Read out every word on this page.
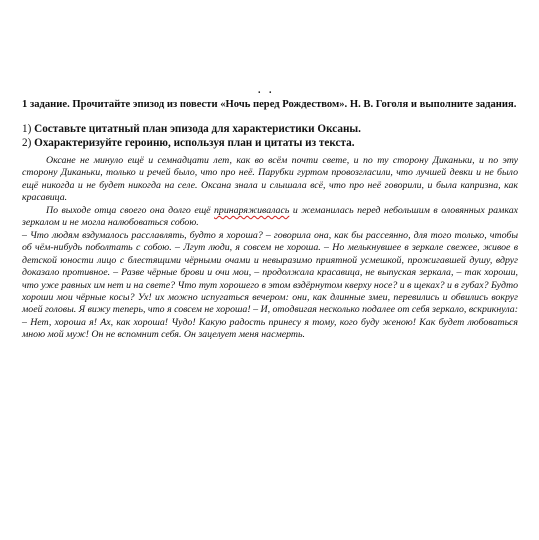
. .
1 задание. Прочитайте эпизод из повести «Ночь перед Рождеством». Н. В. Гоголя и выполните задания.
1) Составьте цитатный план эпизода для характеристики Оксаны.
2) Охарактеризуйте героиню, используя план и цитаты из текста.

Оксане не минуло ещё и семнадцати лет, как во всём почти свете, и по ту сторону Диканьки, и по эту сторону Диканьки, только и речей было, что про неё. Парубки гуртом провозгласили, что лучшей девки и не было ещё никогда и не будет никогда на селе. Оксана знала и слышала всё, что про неё говорили, и была капризна, как красавица.

По выходе отца своего она долго ещё принаряживалась и жеманилась перед небольшим в оловянных рамках зеркалом и не могла налюбоваться собою.

– Что людям вздумалось расславлять, будто я хороша? – говорила она, как бы рассеянно, для того только, чтобы об чём-нибудь поболтать с собою. – Лгут люди, я совсем не хороша. – Но мелькнувшее в зеркале свежее, живое в детской юности лицо с блестящими чёрными очами и невыразимо приятной усмешкой, прожигавшей душу, вдруг доказало противное. – Разве чёрные брови и очи мои, – продолжала красавица, не выпуская зеркала, – так хороши, что уже равных им нет и на свете? Что тут хорошего в этом вздёрнутом кверху носе? и в щеках? и в губах? Будто хороши мои чёрные косы? Ух! их можно испугаться вечером: они, как длинные змеи, перевились и обвились вокруг моей головы. Я вижу теперь, что я совсем не хороша! – И, отодвигая несколько подалее от себя зеркало, вскрикнула: – Нет, хороша я! Ах, как хороша! Чудо! Какую радость принесу я тому, кого буду женою! Как будет любоваться мною мой муж! Он не вспомнит себя. Он зацелует меня насмерть.
